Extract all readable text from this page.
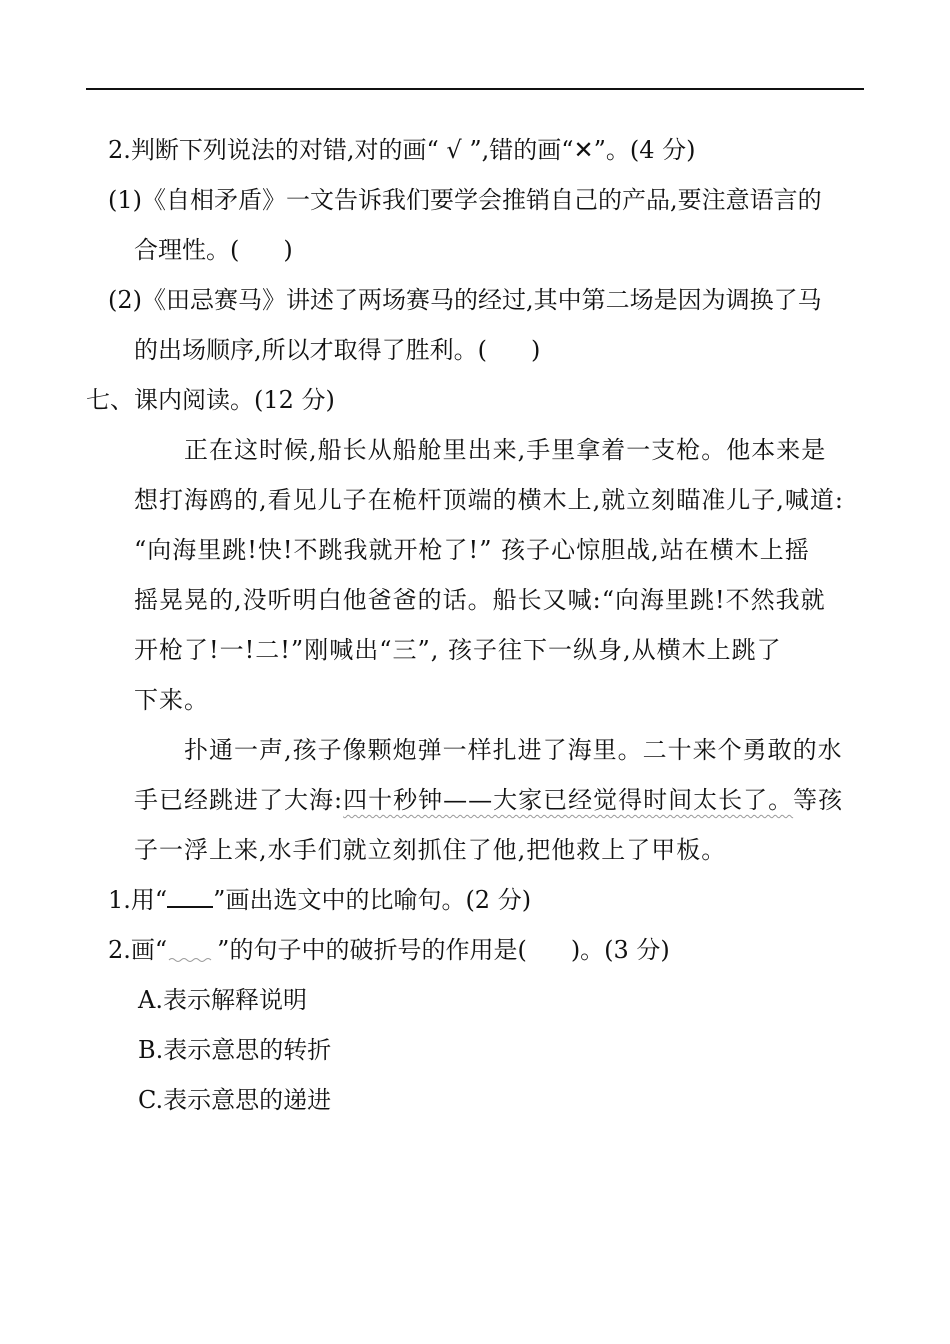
2.判断下列说法的对错,对的画“ √ ”,错的画“✕”。(4 分)
(1)《自相矛盾》一文告诉我们要学会推销自己的产品,要注意语言的
合理性。( )
(2)《田忌赛马》讲述了两场赛马的经过,其中第二场是因为调换了马
的出场顺序,所以才取得了胜利。( )
七、课内阅读。(12 分)
正在这时候,船长从船舱里出来,手里拿着一支枪。他本来是
想打海鸥的,看见儿子在桅杆顶端的横木上,就立刻瞄准儿子,喊道:
“向海里跳!快!不跳我就开枪了!” 孩子心惊胆战,站在横木上摇
摇晃晃的,没听明白他爸爸的话。船长又喊:“向海里跳!不然我就
开枪了!一!二!”刚喊出“三”, 孩子往下一纵身,从横木上跳了
下来。
扑通一声,孩子像颗炮弹一样扎进了海里。二十来个勇敢的水
手已经跳进了大海:四十秒钟——大家已经觉得时间太长了。等孩
子一浮上来,水手们就立刻抓住了他,把他救上了甲板。
1.用“ ”画出选文中的比喻句。(2 分)
2.画“ ”的句子中的破折号的作用是( )。(3 分)
A.表示解释说明
B.表示意思的转折
C.表示意思的递进
